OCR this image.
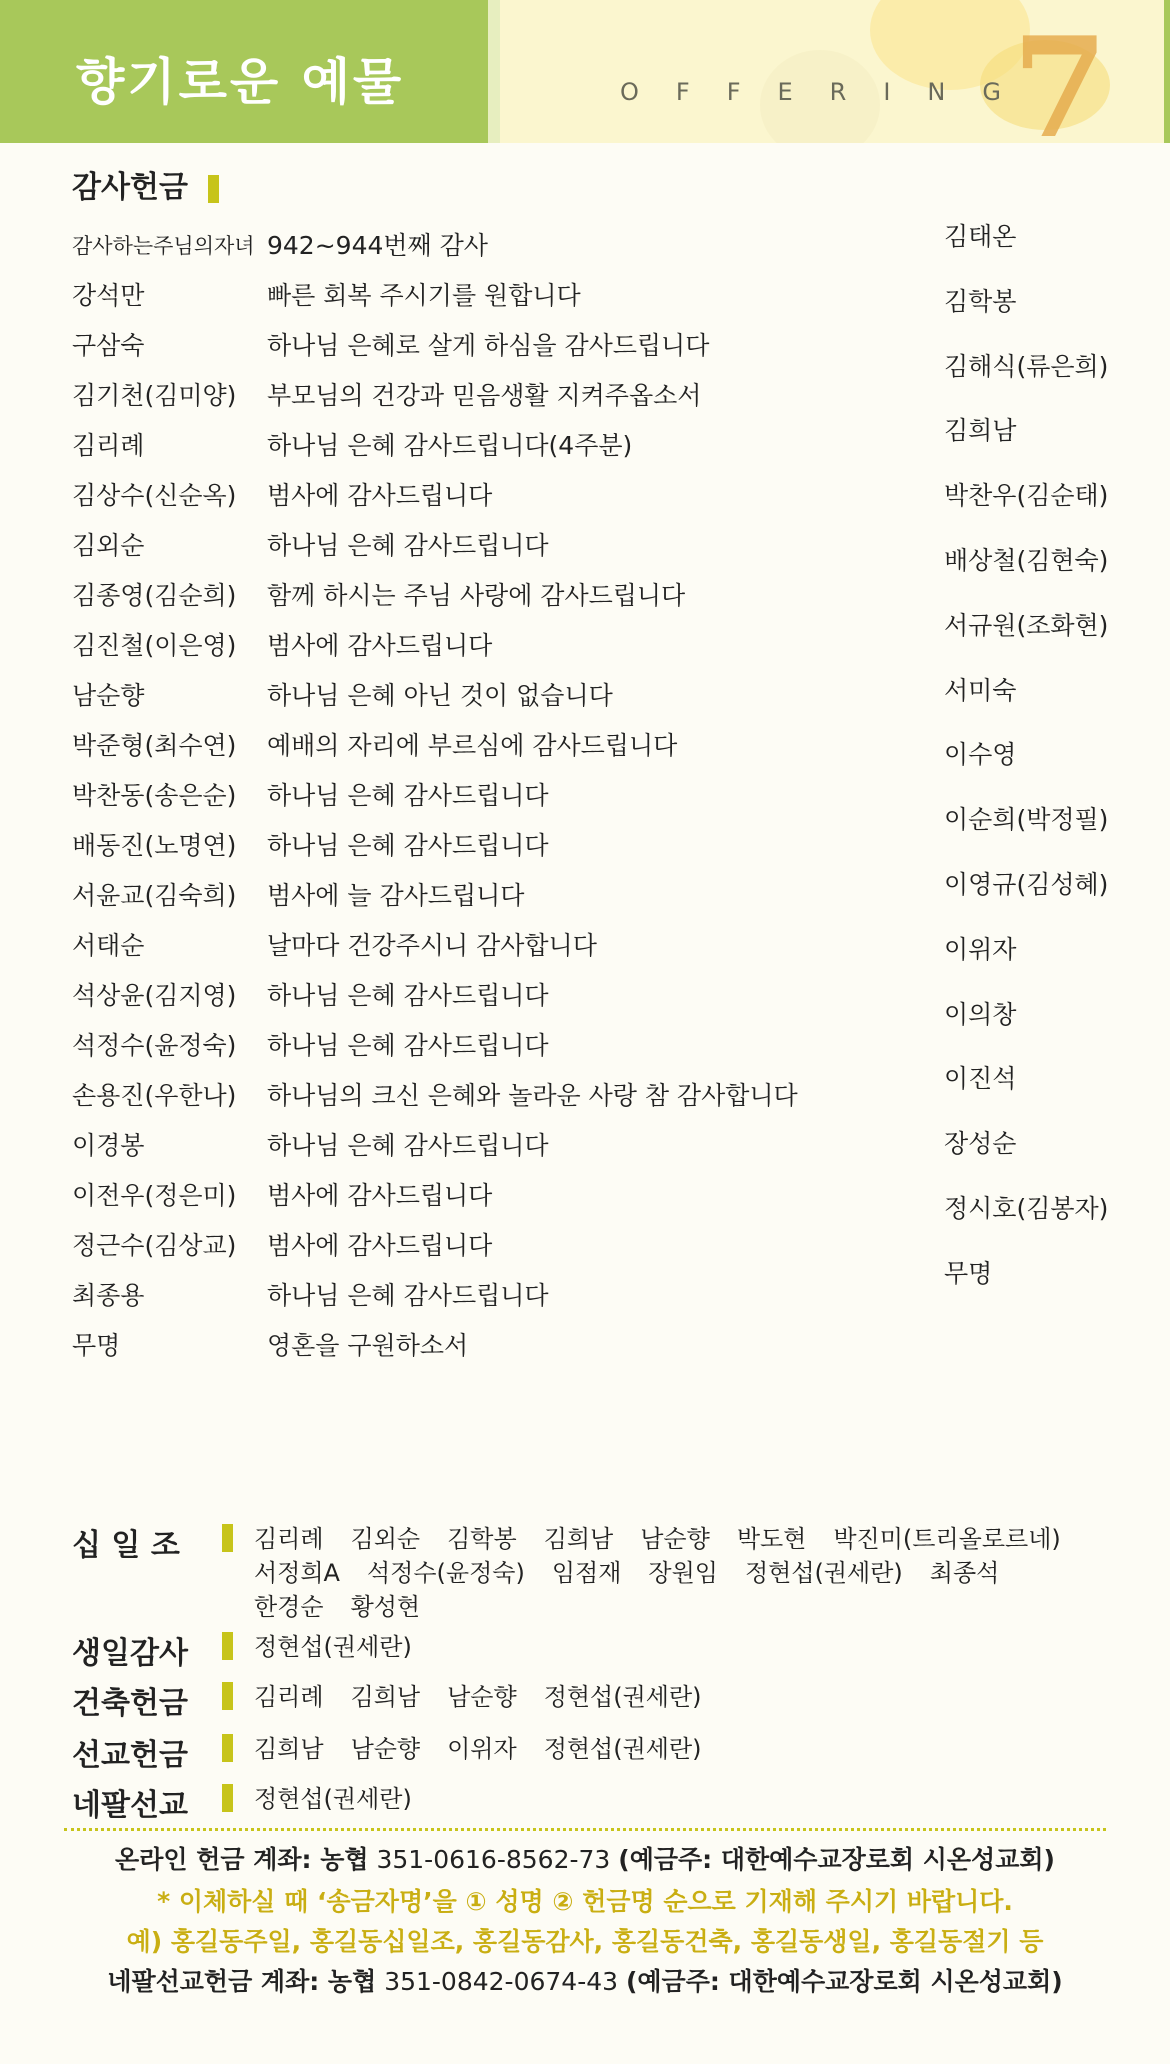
향기로운 예물	OFFERING
7
감사헌금
감사하는주님의자녀 942~944번째 감사
강석만	빠른 회복 주시기를 원합니다
구삼숙	하나님 은혜로 살게 하심을 감사드립니다
김기천(김미양) 부모님의 건강과 믿음생활 지켜주옵소서
김리례	하나님 은혜 감사드립니다(4주분)
김상수(신순옥) 범사에 감사드립니다
김외순	하나님 은혜 감사드립니다
김종영(김순희) 함께 하시는 주님 사랑에 감사드립니다
김진철(이은영) 범사에 감사드립니다
남순향	하나님 은혜 아닌 것이 없습니다
박준형(최수연) 예배의 자리에 부르심에 감사드립니다
박찬동(송은순) 하나님 은혜 감사드립니다
배동진(노명연) 하나님 은혜 감사드립니다
서윤교(김숙희) 범사에 늘 감사드립니다
서태순	날마다 건강주시니 감사합니다
석상윤(김지영) 하나님 은혜 감사드립니다
석정수(윤정숙) 하나님 은혜 감사드립니다
손용진(우한나) 하나님의 크신 은혜와 놀라운 사랑 참 감사합니다
이경봉	하나님 은혜 감사드립니다
이전우(정은미) 범사에 감사드립니다
정근수(김상교) 범사에 감사드립니다
최종용	하나님 은혜 감사드립니다
무명	영혼을 구원하소서
김태온
김학봉
김해식(류은희)
김희남
박찬우(김순태)
배상철(김현숙)
서규원(조화현)
서미숙
이수영
이순희(박정필)
이영규(김성혜)
이위자
이의창
이진석
장성순
정시호(김봉자)
무명
십 일 조	김리례 김외순 김학봉 김희남 남순향 박도현 박진미(트리올로르네)
서정희A 석정수(윤정숙) 임점재 장원임 정현섭(권세란) 최종석
한경순 황성현
생일감사	정현섭(권세란)
건축헌금	김리례 김희남 남순향 정현섭(권세란)
선교헌금	김희남 남순향 이위자 정현섭(권세란)
네팔선교	정현섭(권세란)
온라인 헌금 계좌: 농협 351-0616-8562-73 (예금주: 대한예수교장로회 시온성교회)
* 이체하실 때 ‘송금자명’을 ① 성명 ② 헌금명 순으로 기재해 주시기 바랍니다.
예) 홍길동주일, 홍길동십일조, 홍길동감사, 홍길동건축, 홍길동생일, 홍길동절기 등
네팔선교헌금 계좌: 농협 351-0842-0674-43 (예금주: 대한예수교장로회 시온성교회)
